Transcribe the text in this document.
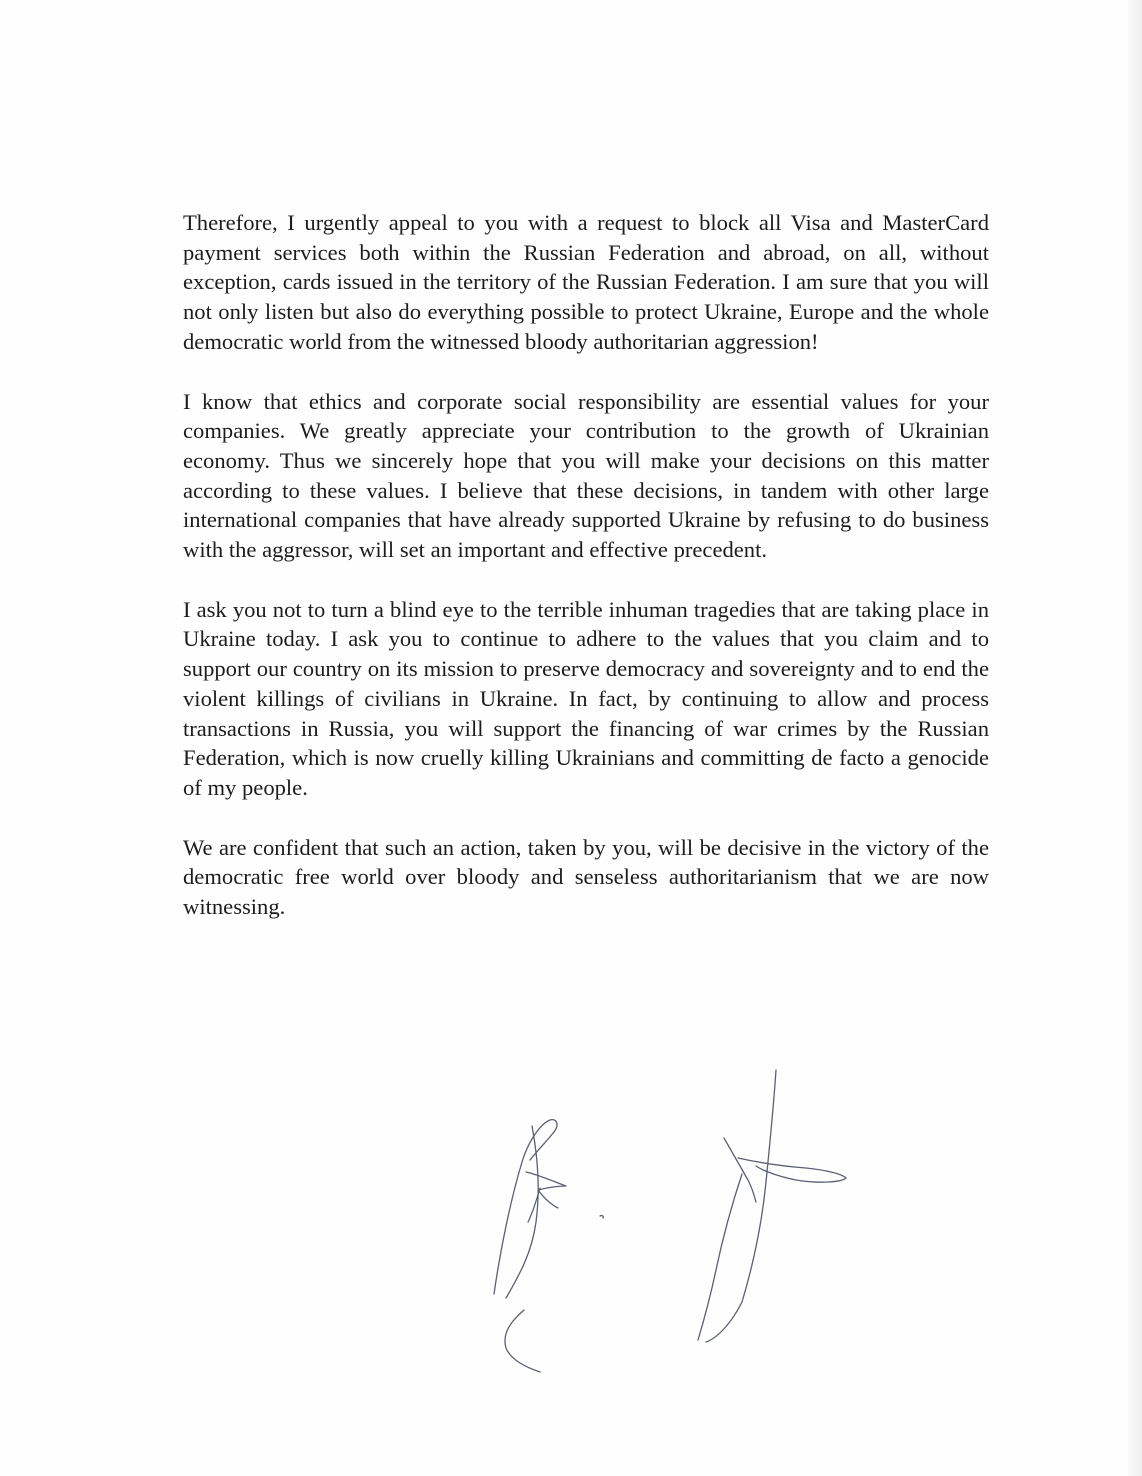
Therefore, I urgently appeal to you with a request to block all Visa and MasterCard payment services both within the Russian Federation and abroad, on all, without exception, cards issued in the territory of the Russian Federation. I am sure that you will not only listen but also do everything possible to protect Ukraine, Europe and the whole democratic world from the witnessed bloody authoritarian aggression!

I know that ethics and corporate social responsibility are essential values for your companies. We greatly appreciate your contribution to the growth of Ukrainian economy. Thus we sincerely hope that you will make your decisions on this matter according to these values. I believe that these decisions, in tandem with other large international companies that have already supported Ukraine by refusing to do business with the aggressor, will set an important and effective precedent.

I ask you not to turn a blind eye to the terrible inhuman tragedies that are taking place in Ukraine today. I ask you to continue to adhere to the values that you claim and to support our country on its mission to preserve democracy and sovereignty and to end the violent killings of civilians in Ukraine. In fact, by continuing to allow and process transactions in Russia, you will support the financing of war crimes by the Russian Federation, which is now cruelly killing Ukrainians and committing de facto a genocide of my people.

We are confident that such an action, taken by you, will be decisive in the victory of the democratic free world over bloody and senseless authoritarianism that we are now witnessing.
